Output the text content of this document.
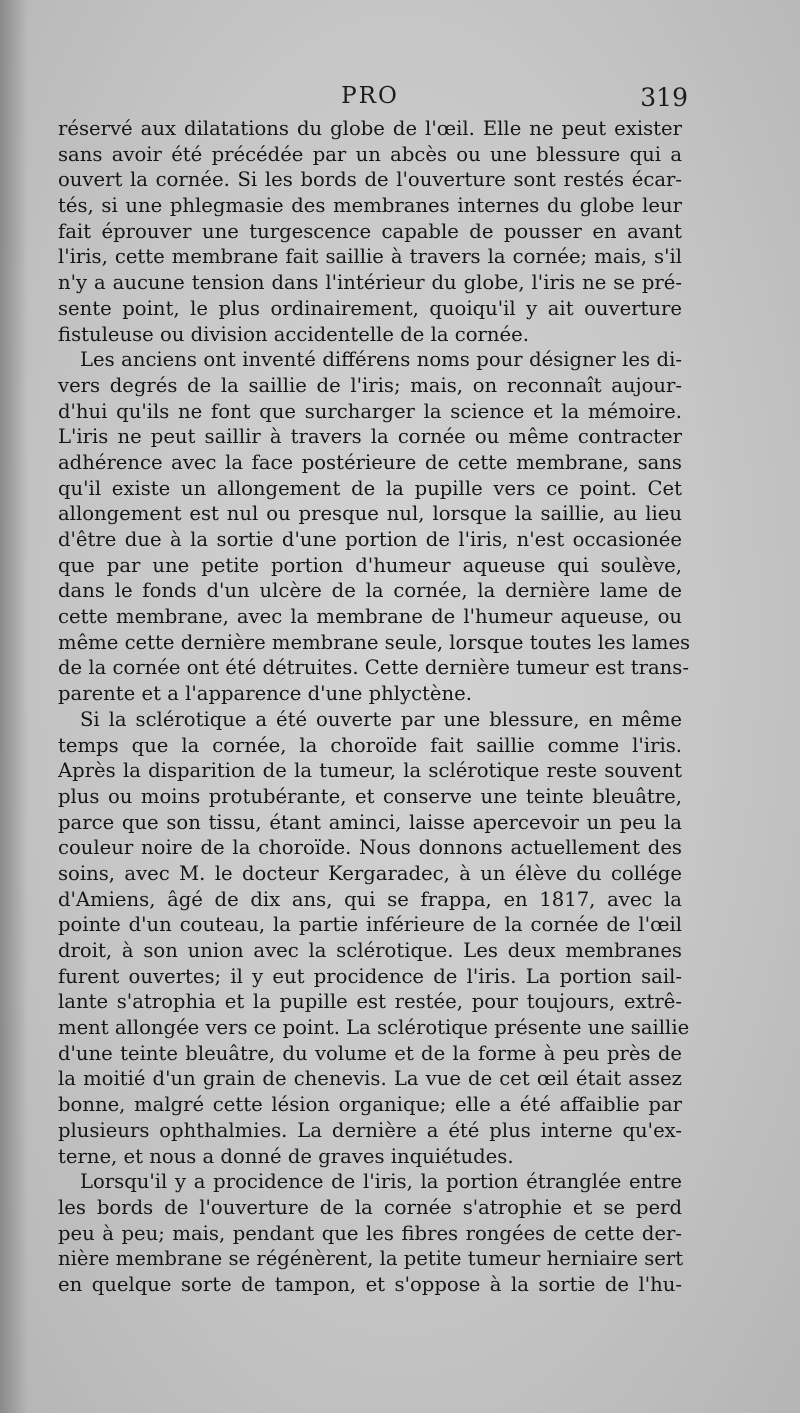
PRO	319
réservé aux dilatations du globe de l'œil. Elle ne peut exister
sans avoir été précédée par un abcès ou une blessure qui a
ouvert la cornée. Si les bords de l'ouverture sont restés écar-
tés, si une phlegmasie des membranes internes du globe leur
fait éprouver une turgescence capable de pousser en avant
l'iris, cette membrane fait saillie à travers la cornée; mais, s'il
n'y a aucune tension dans l'intérieur du globe, l'iris ne se pré-
sente point, le plus ordinairement, quoiqu'il y ait ouverture
fistuleuse ou division accidentelle de la cornée.
Les anciens ont inventé différens noms pour désigner les di-
vers degrés de la saillie de l'iris; mais, on reconnaît aujour-
d'hui qu'ils ne font que surcharger la science et la mémoire.
L'iris ne peut saillir à travers la cornée ou même contracter
adhérence avec la face postérieure de cette membrane, sans
qu'il existe un allongement de la pupille vers ce point. Cet
allongement est nul ou presque nul, lorsque la saillie, au lieu
d'être due à la sortie d'une portion de l'iris, n'est occasionée
que par une petite portion d'humeur aqueuse qui soulève,
dans le fonds d'un ulcère de la cornée, la dernière lame de
cette membrane, avec la membrane de l'humeur aqueuse, ou
même cette dernière membrane seule, lorsque toutes les lames
de la cornée ont été détruites. Cette dernière tumeur est trans-
parente et a l'apparence d'une phlyctène.
Si la sclérotique a été ouverte par une blessure, en même
temps que la cornée, la choroïde fait saillie comme l'iris.
Après la disparition de la tumeur, la sclérotique reste souvent
plus ou moins protubérante, et conserve une teinte bleuâtre,
parce que son tissu, étant aminci, laisse apercevoir un peu la
couleur noire de la choroïde. Nous donnons actuellement des
soins, avec M. le docteur Kergaradec, à un élève du collége
d'Amiens, âgé de dix ans, qui se frappa, en 1817, avec la
pointe d'un couteau, la partie inférieure de la cornée de l'œil
droit, à son union avec la sclérotique. Les deux membranes
furent ouvertes; il y eut procidence de l'iris. La portion sail-
lante s'atrophia et la pupille est restée, pour toujours, extrê-
ment allongée vers ce point. La sclérotique présente une saillie
d'une teinte bleuâtre, du volume et de la forme à peu près de
la moitié d'un grain de chenevis. La vue de cet œil était assez
bonne, malgré cette lésion organique; elle a été affaiblie par
plusieurs ophthalmies. La dernière a été plus interne qu'ex-
terne, et nous a donné de graves inquiétudes.
Lorsqu'il y a procidence de l'iris, la portion étranglée entre
les bords de l'ouverture de la cornée s'atrophie et se perd
peu à peu; mais, pendant que les fibres rongées de cette der-
nière membrane se régénèrent, la petite tumeur herniaire sert
en quelque sorte de tampon, et s'oppose à la sortie de l'hu-
